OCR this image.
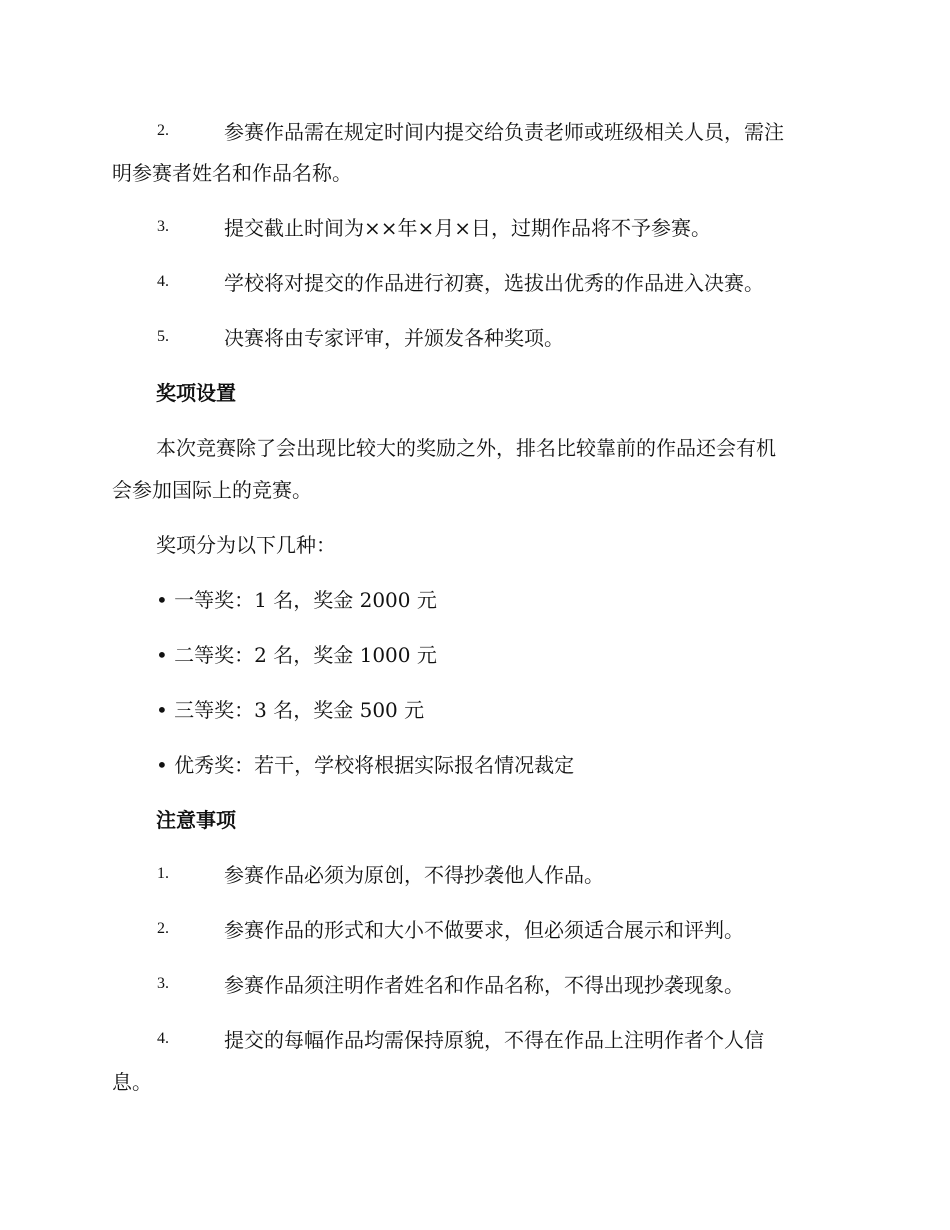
2.	参赛作品需在规定时间内提交给负责老师或班级相关人员，需注
明参赛者姓名和作品名称。
3.	提交截止时间为××年×月×日，过期作品将不予参赛。
4.	学校将对提交的作品进行初赛，选拔出优秀的作品进入决赛。
5.	决赛将由专家评审，并颁发各种奖项。
奖项设置
本次竞赛除了会出现比较大的奖励之外，排名比较靠前的作品还会有机
会参加国际上的竞赛。
奖项分为以下几种：
• 一等奖：1 名，奖金 2000 元
• 二等奖：2 名，奖金 1000 元
• 三等奖：3 名，奖金 500 元
• 优秀奖：若干，学校将根据实际报名情况裁定
注意事项
1.	参赛作品必须为原创，不得抄袭他人作品。
2.	参赛作品的形式和大小不做要求，但必须适合展示和评判。
3.	参赛作品须注明作者姓名和作品名称，不得出现抄袭现象。
4.	提交的每幅作品均需保持原貌，不得在作品上注明作者个人信
息。
